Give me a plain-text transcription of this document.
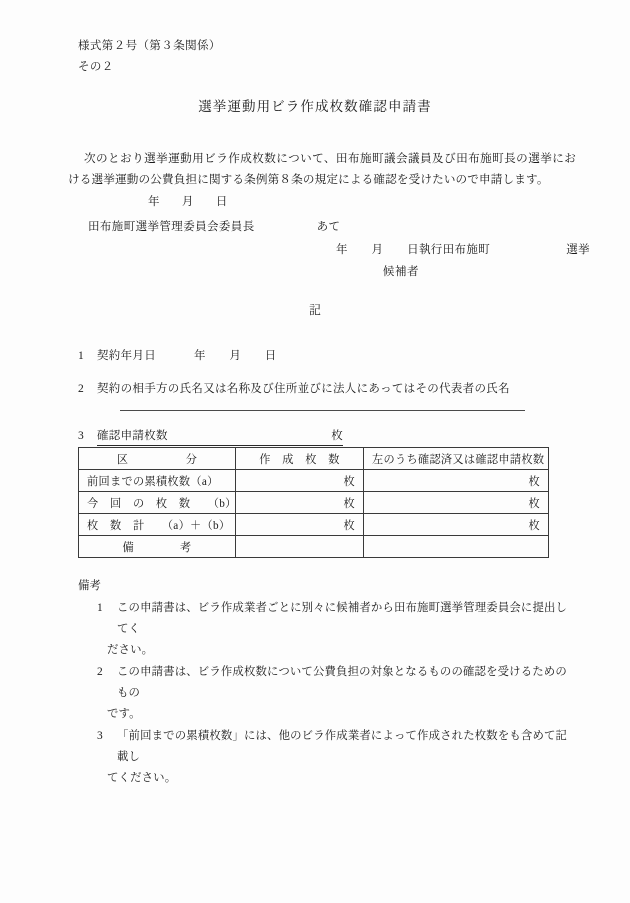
様式第２号（第３条関係）
その２
選挙運動用ビラ作成枚数確認申請書
次のとおり選挙運動用ビラ作成枚数について、田布施町議会議員及び田布施町長の選挙における選挙運動の公費負担に関する条例第８条の規定による確認を受けたいので申請します。
年 月 日
田布施町選挙管理委員会委員長	あて
年　　月　　日執行田布施町	選挙
候補者
記
1 契約年月日	年　　月　　日
2 契約の相手方の氏名又は名称及び住所並びに法人にあってはその代表者の氏名
3 確認申請枚数	枚
区　　　　　分	作　成　枚　数	左のうち確認済又は確認申請枚数
前回までの累積枚数（a）	枚	枚
今　回　の　枚　数　　（b）	枚	枚
枚　数　計　　（a）＋（b）	枚	枚
備　　　　考		
備考
1	この申請書は、ビラ作成業者ごとに別々に候補者から田布施町選挙管理委員会に提出してく
ださい。
2	この申請書は、ビラ作成枚数について公費負担の対象となるものの確認を受けるためのもの
です。
3	「前回までの累積枚数」には、他のビラ作成業者によって作成された枚数をも含めて記載し
てください。
